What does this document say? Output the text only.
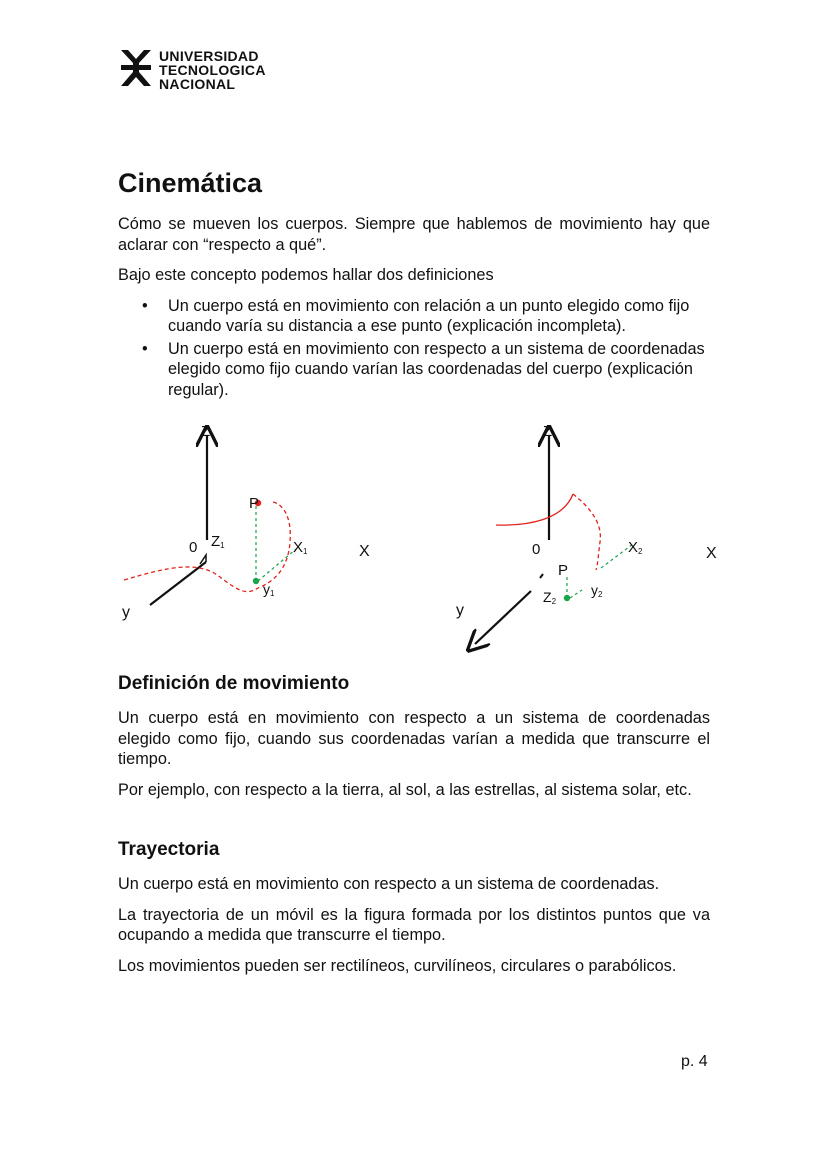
UNIVERSIDAD
TECNOLOGICA
NACIONAL
Cinemática

Cómo se mueven los cuerpos. Siempre que hablemos de movimiento hay que aclarar con “respecto a qué”.

Bajo este concepto podemos hallar dos definiciones

• Un cuerpo está en movimiento con relación a un punto elegido como fijo cuando varía su distancia a ese punto (explicación incompleta).
• Un cuerpo está en movimiento con respecto a un sistema de coordenadas elegido como fijo cuando varían las coordenadas del cuerpo (explicación regular).
Z
0
P
Z1	X1	X
y
y1
Z
0
P
X2	X
y
Z2
y2
Definición de movimiento

Un cuerpo está en movimiento con respecto a un sistema de coordenadas elegido como fijo, cuando sus coordenadas varían a medida que transcurre el tiempo.

Por ejemplo, con respecto a la tierra, al sol, a las estrellas, al sistema solar, etc.

Trayectoria

Un cuerpo está en movimiento con respecto a un sistema de coordenadas.

La trayectoria de un móvil es la figura formada por los distintos puntos que va ocupando a medida que transcurre el tiempo.

Los movimientos pueden ser rectilíneos, curvilíneos, circulares o parabólicos.

p. 4
